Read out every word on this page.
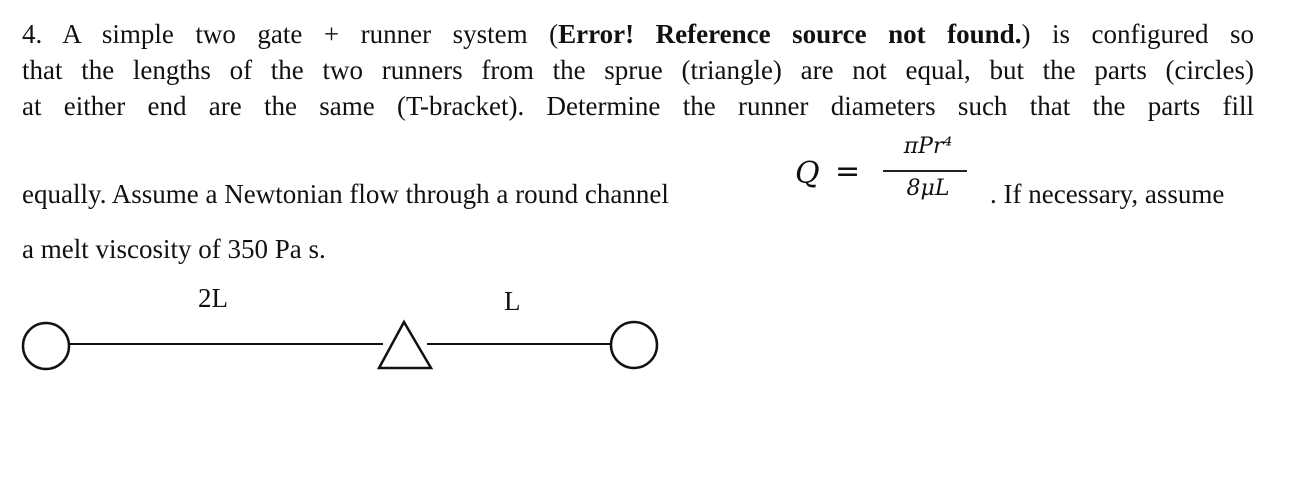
4. A simple two gate + runner system (Error! Reference source not found.) is configured so
that the lengths of the two runners from the sprue (triangle) are not equal, but the parts (circles)
at either end are the same (T-bracket). Determine the runner diameters such that the parts fill
equally. Assume a Newtonian flow through a round channel	. If necessary, assume
Q =
πPr⁴
8μL
a melt viscosity of 350 Pa s.
2L	L
